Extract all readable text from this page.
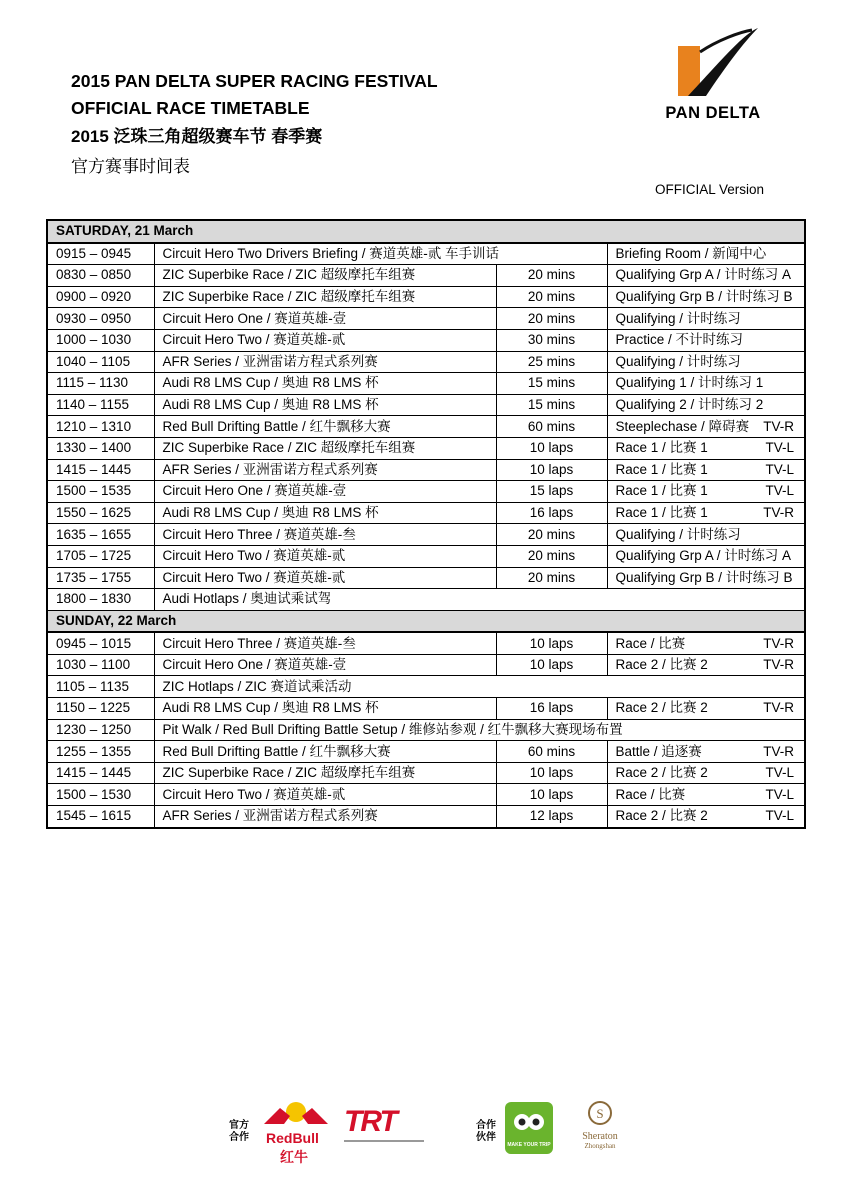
2015 PAN DELTA SUPER RACING FESTIVAL
OFFICIAL RACE TIMETABLE
2015 泛珠三角超级赛车节 春季赛
官方赛事时间表
PAN DELTA
OFFICIAL Version
SATURDAY, 21 March			
0915 – 0945	Circuit Hero Two Drivers Briefing / 赛道英雄-贰 车手训话		Briefing Room / 新闻中心
0830 – 0850	ZIC Superbike Race / ZIC 超级摩托车组赛	20 mins	Qualifying Grp A / 计时练习 A

0900 – 0920	ZIC Superbike Race / ZIC 超级摩托车组赛	20 mins	Qualifying Grp B / 计时练习 B

0930 – 0950	Circuit Hero One / 赛道英雄-壹	20 mins	Qualifying / 计时练习

1000 – 1030	Circuit Hero Two / 赛道英雄-贰	30 mins	Practice / 不计时练习

1040 – 1105	AFR Series / 亚洲雷诺方程式系列赛	25 mins	Qualifying / 计时练习

1115 – 1130	Audi R8 LMS Cup / 奥迪 R8 LMS 杯	15 mins	Qualifying 1 / 计时练习 1

1140 – 1155	Audi R8 LMS Cup / 奥迪 R8 LMS 杯	15 mins	Qualifying 2 / 计时练习 2

1210 – 1310	Red Bull Drifting Battle / 红牛飘移大赛	60 mins	Steeplechase / 障碍赛 TV-R

1330 – 1400	ZIC Superbike Race / ZIC 超级摩托车组赛	10 laps	Race 1 / 比赛 1 TV-L

1415 – 1445	AFR Series / 亚洲雷诺方程式系列赛	10 laps	Race 1 / 比赛 1 TV-L

1500 – 1535	Circuit Hero One / 赛道英雄-壹	15 laps	Race 1 / 比赛 1 TV-L

1550 – 1625	Audi R8 LMS Cup / 奥迪 R8 LMS 杯	16 laps	Race 1 / 比赛 1 TV-R

1635 – 1655	Circuit Hero Three / 赛道英雄-叁	20 mins	Qualifying / 计时练习

1705 – 1725	Circuit Hero Two / 赛道英雄-贰	20 mins	Qualifying Grp A / 计时练习 A

1735 – 1755	Circuit Hero Two / 赛道英雄-贰	20 mins	Qualifying Grp B / 计时练习 B

1800 – 1830	Audi Hotlaps / 奥迪试乘试驾		
SUNDAY, 22 March			
0945 – 1015	Circuit Hero Three / 赛道英雄-叁	10 laps	Race / 比赛 TV-R

1030 – 1100	Circuit Hero One / 赛道英雄-壹	10 laps	Race 2 / 比赛 2 TV-R

1105 – 1135	ZIC Hotlaps / ZIC 赛道试乘活动		
1150 – 1225	Audi R8 LMS Cup / 奥迪 R8 LMS 杯	16 laps	Race 2 / 比赛 2 TV-R

1230 – 1250	Pit Walk / Red Bull Drifting Battle Setup / 维修站参观 / 红牛飘移大赛现场布置		
1255 – 1355	Red Bull Drifting Battle / 红牛飘移大赛	60 mins	Battle / 追逐赛 TV-R

1415 – 1445	ZIC Superbike Race / ZIC 超级摩托车组赛	10 laps	Race 2 / 比赛 2 TV-L

1500 – 1530	Circuit Hero Two / 赛道英雄-贰	10 laps	Race / 比赛 TV-L

1545 – 1615	AFR Series / 亚洲雷诺方程式系列赛	12 laps	Race 2 / 比赛 2 TV-L
官方
合作 RedBull
红牛
TRT	合作
伙伴
MAKE YOUR TRIP
S
Sheraton
Zhongshan
